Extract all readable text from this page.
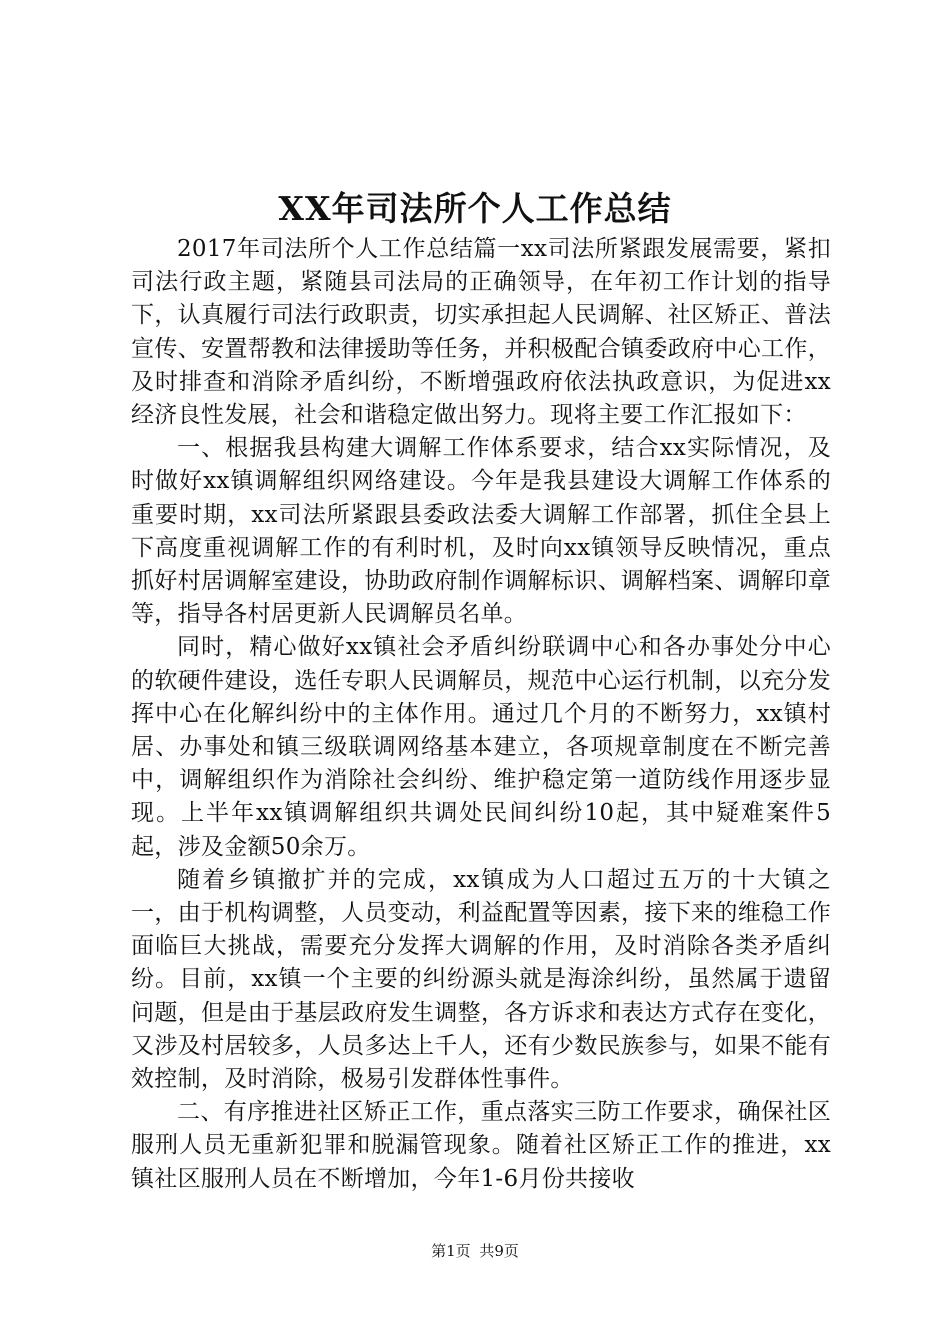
XX年司法所个人工作总结

2017年司法所个人工作总结篇一xx司法所紧跟发展需要，紧扣司法行政主题，紧随县司法局的正确领导，在年初工作计划的指导下，认真履行司法行政职责，切实承担起人民调解、社区矫正、普法宣传、安置帮教和法律援助等任务，并积极配合镇委政府中心工作，及时排查和消除矛盾纠纷，不断增强政府依法执政意识，为促进xx经济良性发展，社会和谐稳定做出努力。现将主要工作汇报如下：

一、根据我县构建大调解工作体系要求，结合xx实际情况，及时做好xx镇调解组织网络建设。今年是我县建设大调解工作体系的重要时期，xx司法所紧跟县委政法委大调解工作部署，抓住全县上下高度重视调解工作的有利时机，及时向xx镇领导反映情况，重点抓好村居调解室建设，协助政府制作调解标识、调解档案、调解印章等，指导各村居更新人民调解员名单。

同时，精心做好xx镇社会矛盾纠纷联调中心和各办事处分中心的软硬件建设，选任专职人民调解员，规范中心运行机制，以充分发挥中心在化解纠纷中的主体作用。通过几个月的不断努力，xx镇村居、办事处和镇三级联调网络基本建立，各项规章制度在不断完善中，调解组织作为消除社会纠纷、维护稳定第一道防线作用逐步显现。上半年xx镇调解组织共调处民间纠纷10起，其中疑难案件5起，涉及金额50余万。

随着乡镇撤扩并的完成，xx镇成为人口超过五万的十大镇之一，由于机构调整，人员变动，利益配置等因素，接下来的维稳工作面临巨大挑战，需要充分发挥大调解的作用，及时消除各类矛盾纠纷。目前，xx镇一个主要的纠纷源头就是海涂纠纷，虽然属于遗留问题，但是由于基层政府发生调整，各方诉求和表达方式存在变化，又涉及村居较多，人员多达上千人，还有少数民族参与，如果不能有效控制，及时消除，极易引发群体性事件。

二、有序推进社区矫正工作，重点落实三防工作要求，确保社区服刑人员无重新犯罪和脱漏管现象。随着社区矫正工作的推进，xx镇社区服刑人员在不断增加，今年1-6月份共接收

第1页 共9页
